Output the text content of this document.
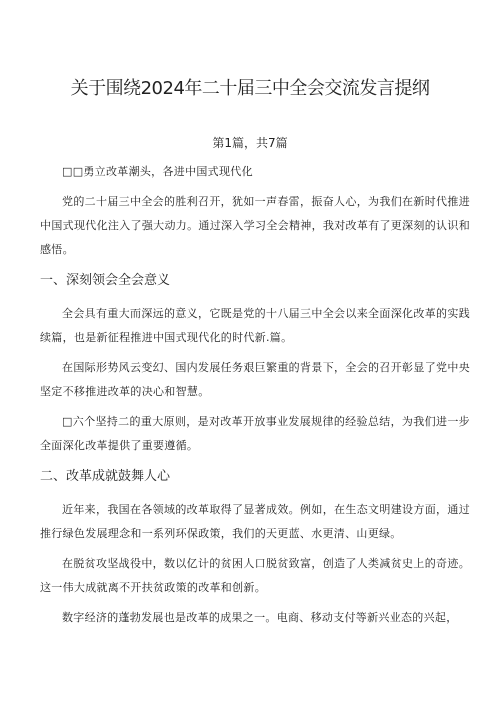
关于围绕2024年二十届三中全会交流发言提纲
第1篇，共7篇

□□勇立改革潮头，各进中国式现代化

党的二十届三中全会的胜利召开，犹如一声春雷，振奋人心，为我们在新时代推进中国式现代化注入了强大动力。通过深入学习全会精神，我对改革有了更深刻的认识和感悟。

一、深刻领会全会意义

全会具有重大而深远的意义，它既是党的十八届三中全会以来全面深化改革的实践续篇，也是新征程推进中国式现代化的时代新.篇。

在国际形势风云变幻、国内发展任务艰巨繁重的背景下，全会的召开彰显了党中央坚定不移推进改革的决心和智慧。

□六个坚持二的重大原则，是对改革开放事业发展规律的经验总结，为我们进一步全面深化改革提供了重要遵循。

二、改革成就鼓舞人心

近年来，我国在各领域的改革取得了显著成效。例如，在生态文明建设方面，通过推行绿色发展理念和一系列环保政策，我们的天更蓝、水更清、山更绿。

在脱贫攻坚战役中，数以亿计的贫困人口脱贫致富，创造了人类减贫史上的奇迹。这一伟大成就离不开扶贫政策的改革和创新。

数字经济的蓬勃发展也是改革的成果之一。电商、移动支付等新兴业态的兴起，
